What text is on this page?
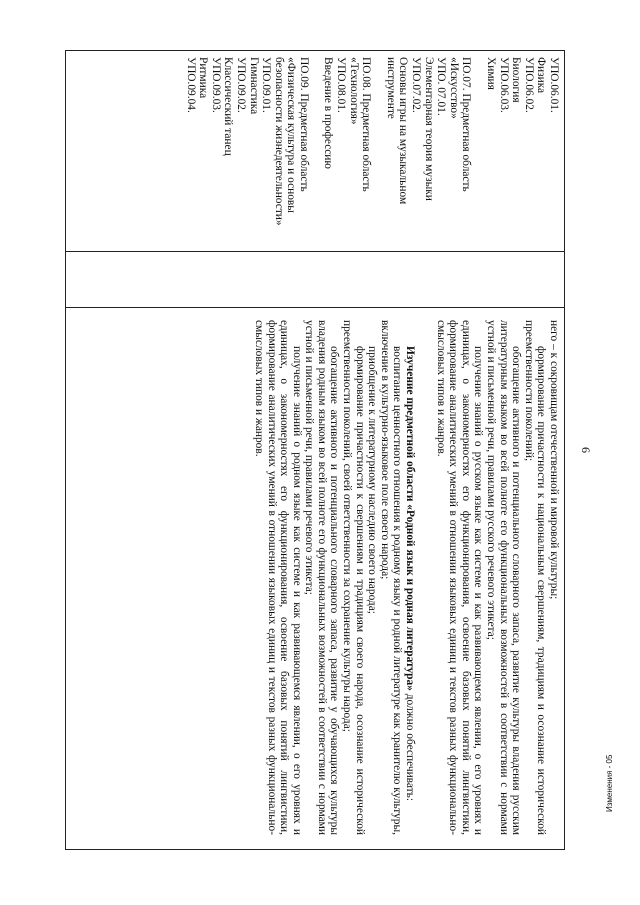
6

УПО.06.01.

Физика

УПО.06.02.

Биология

УПО.06.03.

Химия

ПО.07. Предметная область «Искусство»

УПО. 07.01.

Элементарная теория музыки

УПО.07.02.

Основы игры на музыкальном инструменте

ПО.08. Предметная область «Технология»

УПО.08.01.

Введение в профессию

ПО.09. Предметная область «Физическая культура и основы безопасности жизнедеятельности»

УПО.09.01.

Гимнастика

УПО.09.02.

Классический танец

УПО.09.03.

Ритмика

УПО.09.04.

него – к сокровищам отечественной и мировой культуры;

формирование причастности к национальным свершениям, традициям и осознание исторической преемственности поколений;

обогащение активного и потенциального словарного запаса, развитие культуры владения русским литературным языком во всей полноте его функциональных возможностей в соответствии с нормами устной и письменной речи, правилами русского речевого этикета;

получение знаний о русском языке как системе и как развивающемся явлении, о его уровнях и единицах, о закономерностях его функционирования, освоение базовых понятий лингвистики, формирование аналитических умений в отношении языковых единиц и текстов разных функционально-смысловых типов и жанров.

Изучение предметной области «Родной язык и родная литература» должно обеспечивать:

воспитание ценностного отношения к родному языку и родной литературе как хранителю культуры, включение в культурно-языковое поле своего народа;

приобщение к литературному наследию своего народа;

формирование причастности к свершениям и традициям своего народа, осознание исторической преемственности поколений, своей ответственности за сохранение культуры народа;

обогащение активного и потенциального словарного запаса, развитие у обучающихся культуры владения родным языком во всей полноте его функциональных возможностей в соответствии с нормами устной и письменной речи, правилами речевого этикета;

получение знаний о родном языке как системе и как развивающемся явлении, о его уровнях и единицах, о закономерностях его функционирования, освоение базовых понятий лингвистики, формирование аналитических умений в отношении языковых единиц и текстов разных функционально-смысловых типов и жанров.

Изменения - 05
